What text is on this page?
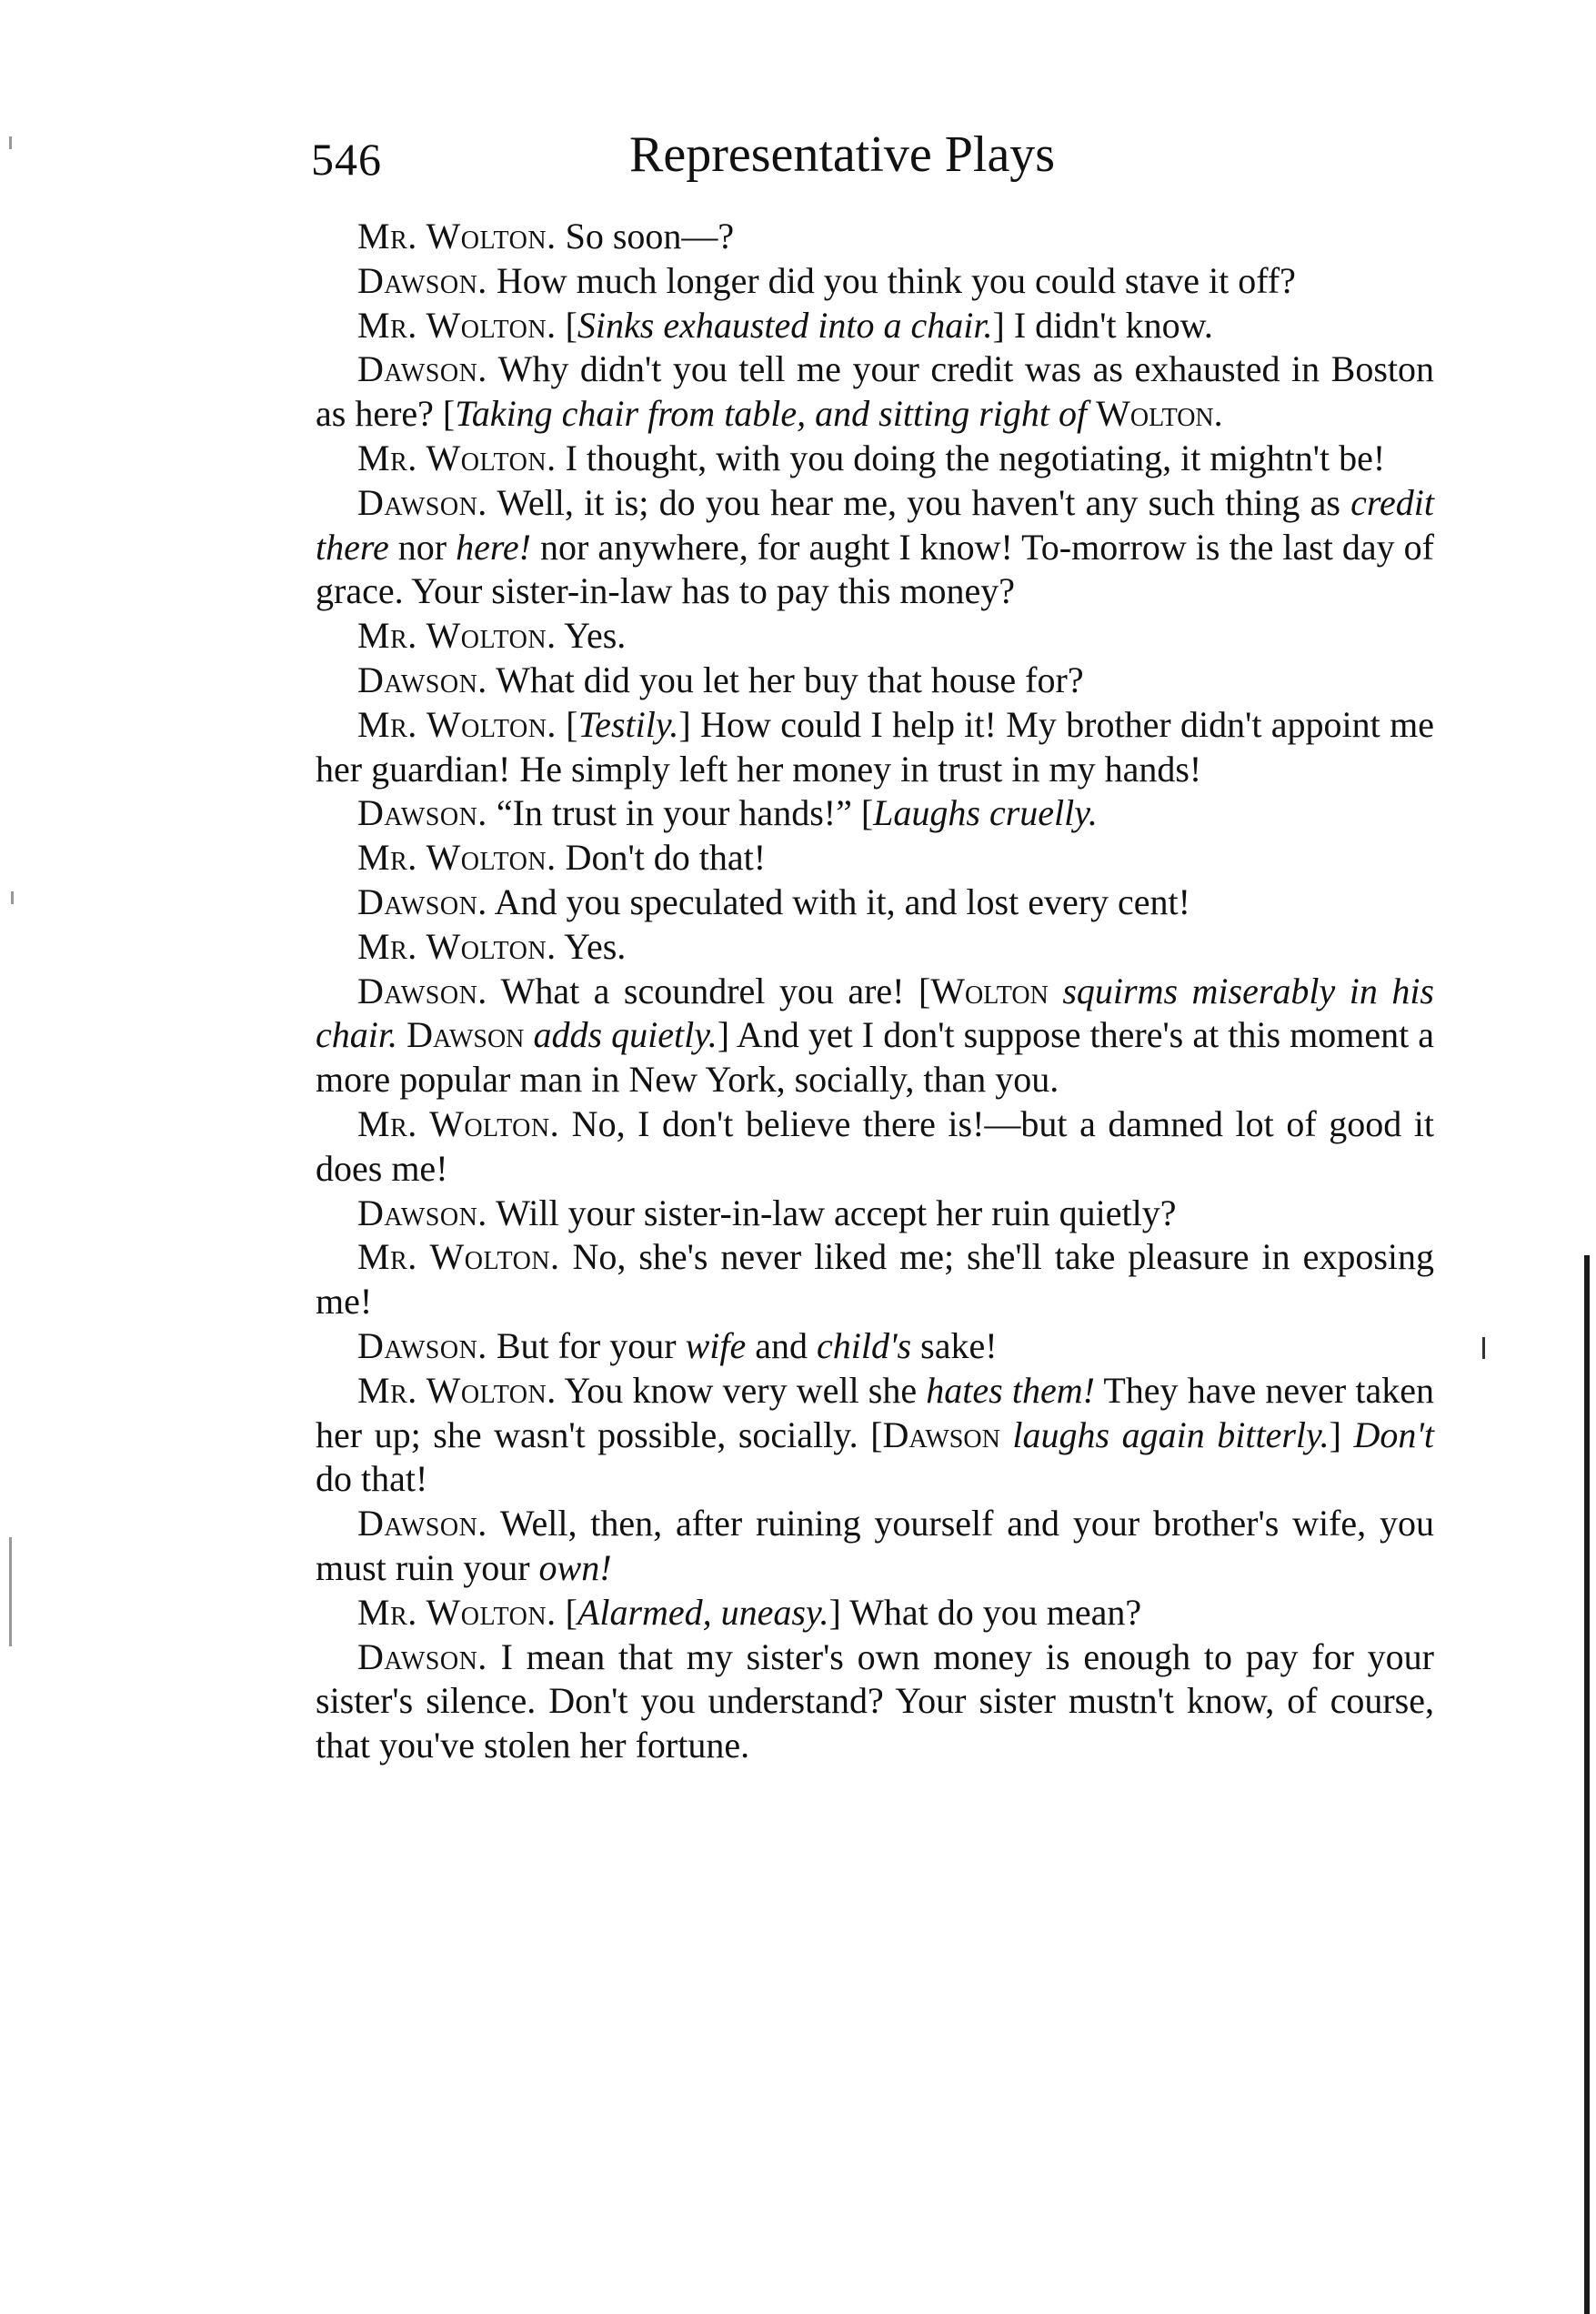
546	Representative Plays

Mr. Wolton. So soon—?

Dawson. How much longer did you think you could stave it off?

Mr. Wolton. [Sinks exhausted into a chair.] I didn't know.

Dawson. Why didn't you tell me your credit was as exhausted in Boston as here? [Taking chair from table, and sitting right of Wolton.

Mr. Wolton. I thought, with you doing the negotiating, it mightn't be!

Dawson. Well, it is; do you hear me, you haven't any such thing as credit there nor here! nor anywhere, for aught I know! To-morrow is the last day of grace. Your sister-in-law has to pay this money?

Mr. Wolton. Yes.

Dawson. What did you let her buy that house for?

Mr. Wolton. [Testily.] How could I help it! My brother didn't appoint me her guardian! He simply left her money in trust in my hands!

Dawson. “In trust in your hands!” [Laughs cruelly.

Mr. Wolton. Don't do that!

Dawson. And you speculated with it, and lost every cent!

Mr. Wolton. Yes.

Dawson. What a scoundrel you are! [Wolton squirms miserably in his chair. Dawson adds quietly.] And yet I don't suppose there's at this moment a more popular man in New York, socially, than you.

Mr. Wolton. No, I don't believe there is!—but a damned lot of good it does me!

Dawson. Will your sister-in-law accept her ruin quietly?

Mr. Wolton. No, she's never liked me; she'll take pleasure in exposing me!

Dawson. But for your wife and child's sake!

Mr. Wolton. You know very well she hates them! They have never taken her up; she wasn't possible, socially. [Dawson laughs again bitterly.] Don't do that!

Dawson. Well, then, after ruining yourself and your brother's wife, you must ruin your own!

Mr. Wolton. [Alarmed, uneasy.] What do you mean?

Dawson. I mean that my sister's own money is enough to pay for your sister's silence. Don't you understand? Your sister mustn't know, of course, that you've stolen her fortune.
